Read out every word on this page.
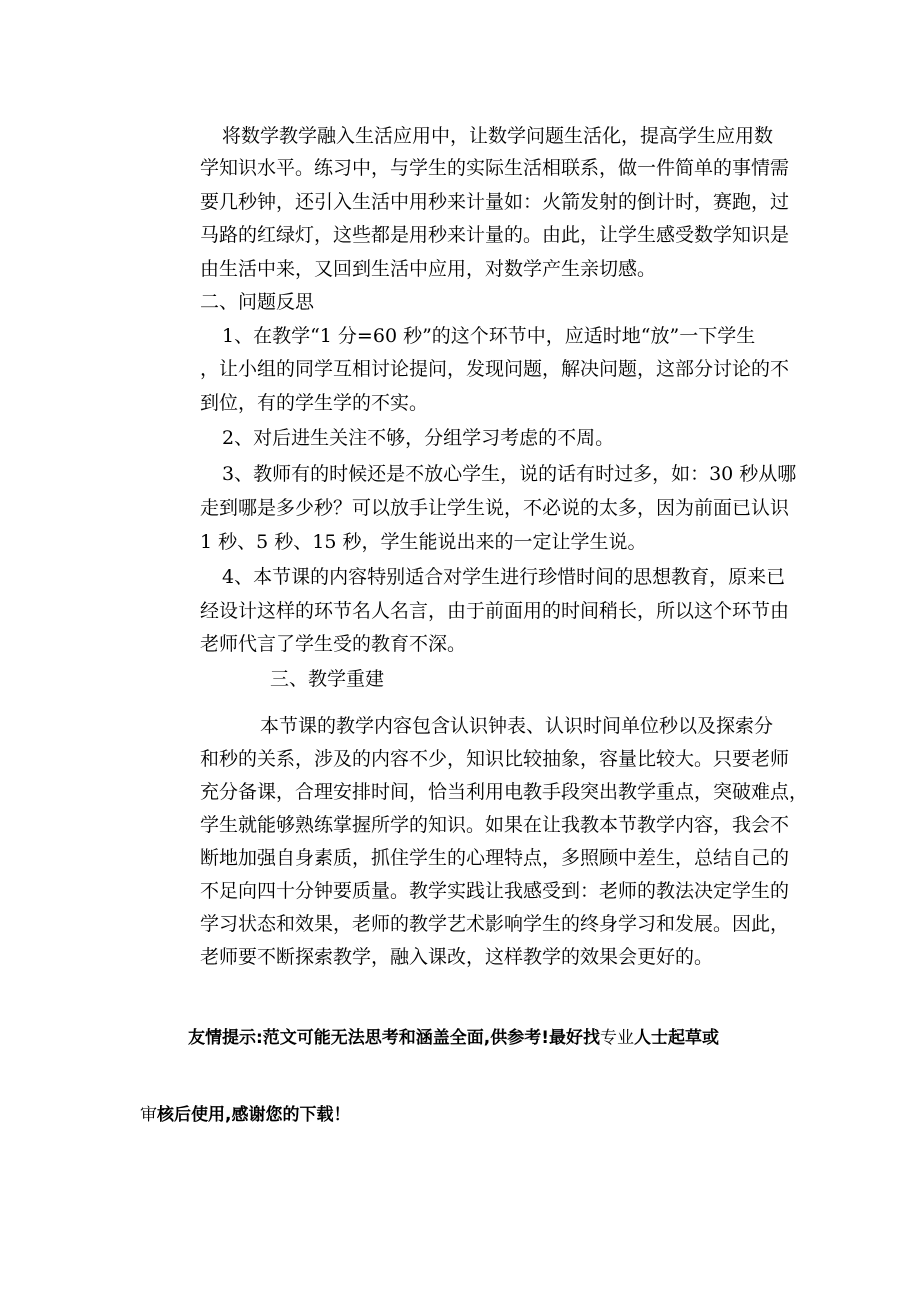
将数学教学融入生活应用中，让数学问题生活化，提高学生应用数

学知识水平。练习中，与学生的实际生活相联系，做一件简单的事情需

要几秒钟，还引入生活中用秒来计量如：火箭发射的倒计时，赛跑，过

马路的红绿灯，这些都是用秒来计量的。由此，让学生感受数学知识是

由生活中来，又回到生活中应用，对数学产生亲切感。

二、问题反思

1、在教学“1 分=60 秒”的这个环节中，应适时地“放”一下学生

，让小组的同学互相讨论提问，发现问题，解决问题，这部分讨论的不

到位，有的学生学的不实。

2、对后进生关注不够，分组学习考虑的不周。

3、教师有的时候还是不放心学生，说的话有时过多，如：30 秒从哪

走到哪是多少秒？可以放手让学生说，不必说的太多，因为前面已认识

1 秒、5 秒、15 秒，学生能说出来的一定让学生说。

4、本节课的内容特别适合对学生进行珍惜时间的思想教育，原来已

经设计这样的环节名人名言，由于前面用的时间稍长，所以这个环节由

老师代言了学生受的教育不深。

三、教学重建

本节课的教学内容包含认识钟表、认识时间单位秒以及探索分

和秒的关系，涉及的内容不少，知识比较抽象，容量比较大。只要老师

充分备课，合理安排时间，恰当利用电教手段突出教学重点，突破难点，

学生就能够熟练掌握所学的知识。如果在让我教本节教学内容，我会不

断地加强自身素质，抓住学生的心理特点，多照顾中差生，总结自己的

不足向四十分钟要质量。教学实践让我感受到：老师的教法决定学生的

学习状态和效果，老师的教学艺术影响学生的终身学习和发展。因此，

老师要不断探索教学，融入课改，这样教学的效果会更好的。

友情提示:范文可能无法思考和涵盖全面,供参考!最好找专业人士起草或

审核后使用,感谢您的下载！
